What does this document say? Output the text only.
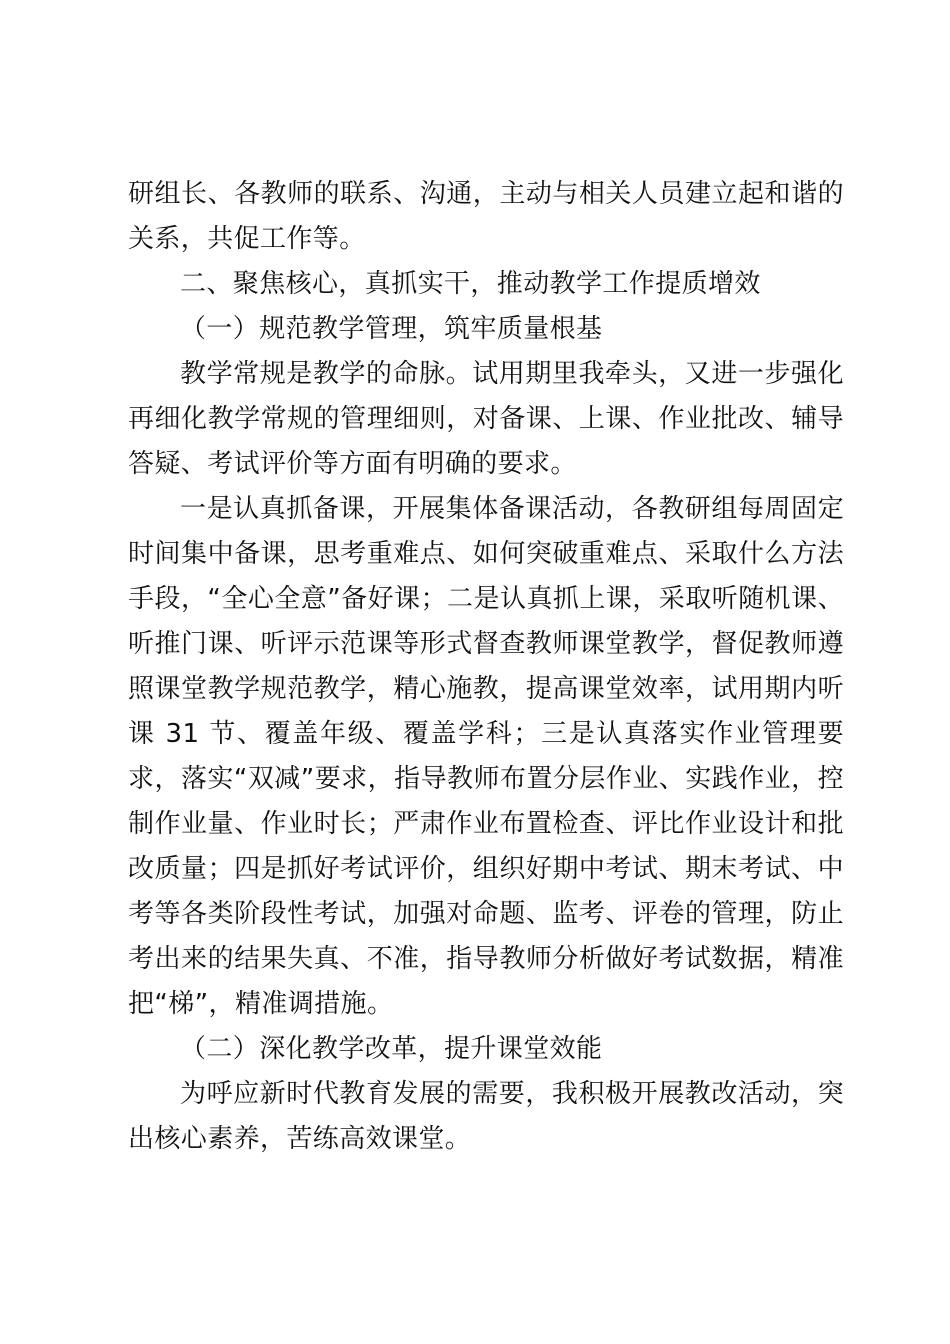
研组长、各教师的联系、沟通，主动与相关人员建立起和谐的关系，共促工作等。

二、聚焦核心，真抓实干，推动教学工作提质增效

（一）规范教学管理，筑牢质量根基

教学常规是教学的命脉。试用期里我牵头，又进一步强化再细化教学常规的管理细则，对备课、上课、作业批改、辅导答疑、考试评价等方面有明确的要求。

一是认真抓备课，开展集体备课活动，各教研组每周固定时间集中备课，思考重难点、如何突破重难点、采取什么方法手段，“全心全意”备好课；二是认真抓上课，采取听随机课、听推门课、听评示范课等形式督查教师课堂教学，督促教师遵照课堂教学规范教学，精心施教，提高课堂效率，试用期内听课 31 节、覆盖年级、覆盖学科；三是认真落实作业管理要求，落实“双减”要求，指导教师布置分层作业、实践作业，控制作业量、作业时长；严肃作业布置检查、评比作业设计和批改质量；四是抓好考试评价，组织好期中考试、期末考试、中考等各类阶段性考试，加强对命题、监考、评卷的管理，防止考出来的结果失真、不准，指导教师分析做好考试数据，精准把“梯”，精准调措施。

（二）深化教学改革，提升课堂效能

为呼应新时代教育发展的需要，我积极开展教改活动，突出核心素养，苦练高效课堂。
